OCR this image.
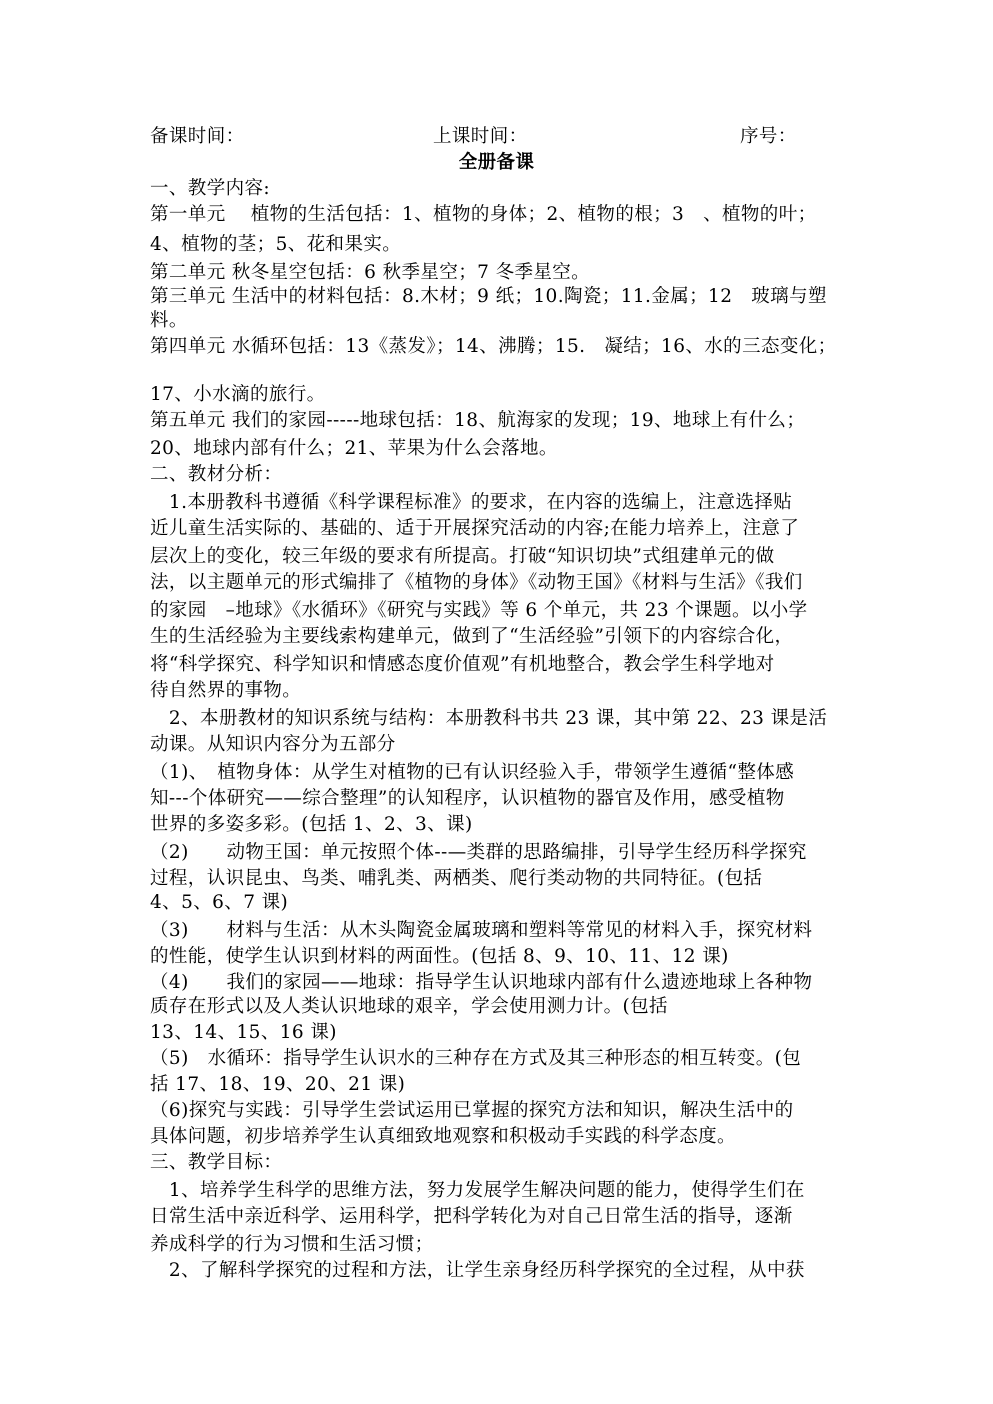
备课时间：	上课时间：	序号：
全册备课
一、教学内容:
第一单元　 植物的生活包括：1、植物的身体；2、植物的根；3　、植物的叶；
4、植物的茎；5、花和果实。
第二单元 秋冬星空包括：6 秋季星空；7 冬季星空。
第三单元 生活中的材料包括：8.木材；9 纸；10.陶瓷；11.金属；12　玻璃与塑
料。
第四单元 水循环包括：13《蒸发》；14、沸腾；15.　凝结；16、水的三态变化；
17、小水滴的旅行。
第五单元 我们的家园-----地球包括：18、航海家的发现；19、地球上有什么；
20、地球内部有什么；21、苹果为什么会落地。
二、教材分析：
　1.本册教科书遵循《科学课程标准》的要求，在内容的选编上，注意选择贴
近儿童生活实际的、基础的、适于开展探究活动的内容;在能力培养上，注意了
层次上的变化，较三年级的要求有所提高。打破“知识切块”式组建单元的做
法，以主题单元的形式编排了《植物的身体》《动物王国》《材料与生活》《我们
的家园　–地球》《水循环》《研究与实践》等 6 个单元，共 23 个课题。以小学
生的生活经验为主要线索构建单元，做到了“生活经验”引领下的内容综合化，
将“科学探究、科学知识和情感态度价值观”有机地整合，教会学生科学地对
待自然界的事物。
　2、本册教材的知识系统与结构：本册教科书共 23 课，其中第 22、23 课是活
动课。从知识内容分为五部分
（1)、　植物身体：从学生对植物的已有认识经验入手，带领学生遵循“整体感
知---个体研究——综合整理”的认知程序，认识植物的器官及作用，感受植物
世界的多姿多彩。(包括 1、2、3、课)
（2)　　动物王国：单元按照个体--—类群的思路编排，引导学生经历科学探究
过程，认识昆虫、鸟类、哺乳类、两栖类、爬行类动物的共同特征。(包括
4、5、6、7 课)
（3)　　材料与生活：从木头陶瓷金属玻璃和塑料等常见的材料入手，探究材料
的性能，使学生认识到材料的两面性。(包括 8、9、10、11、12 课)
（4)　　我们的家园——地球：指导学生认识地球内部有什么遗迹地球上各种物
质存在形式以及人类认识地球的艰辛，学会使用测力计。(包括
13、14、15、16 课)
（5)　水循环：指导学生认识水的三种存在方式及其三种形态的相互转变。(包
括 17、18、19、20、21 课)
（6)探究与实践：引导学生尝试运用已掌握的探究方法和知识，解决生活中的
具体问题，初步培养学生认真细致地观察和积极动手实践的科学态度。
三、教学目标：
　1、培养学生科学的思维方法，努力发展学生解决问题的能力，使得学生们在
日常生活中亲近科学、运用科学，把科学转化为对自己日常生活的指导，逐渐
养成科学的行为习惯和生活习惯；
　2、了解科学探究的过程和方法，让学生亲身经历科学探究的全过程，从中获
